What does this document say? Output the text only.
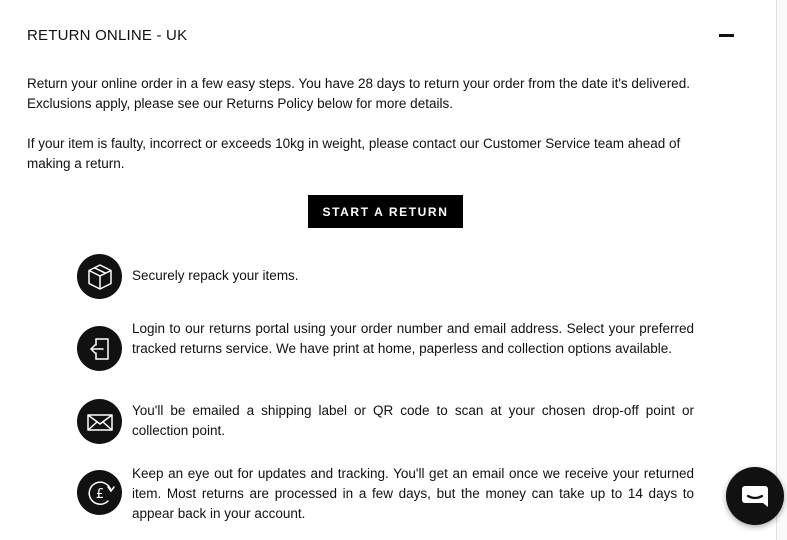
RETURN ONLINE - UK

Return your online order in a few easy steps. You have 28 days to return your order from the date it's delivered. Exclusions apply, please see our Returns Policy below for more details.

If your item is faulty, incorrect or exceeds 10kg in weight, please contact our Customer Service team ahead of making a return.

START A RETURN

Securely repack your items.

Login to our returns portal using your order number and email address. Select your preferred tracked returns service. We have print at home, paperless and collection options available.

You'll be emailed a shipping label or QR code to scan at your chosen drop-off point or collection point.

£

Keep an eye out for updates and tracking. You'll get an email once we receive your returned item. Most returns are processed in a few days, but the money can take up to 14 days to appear back in your account.
